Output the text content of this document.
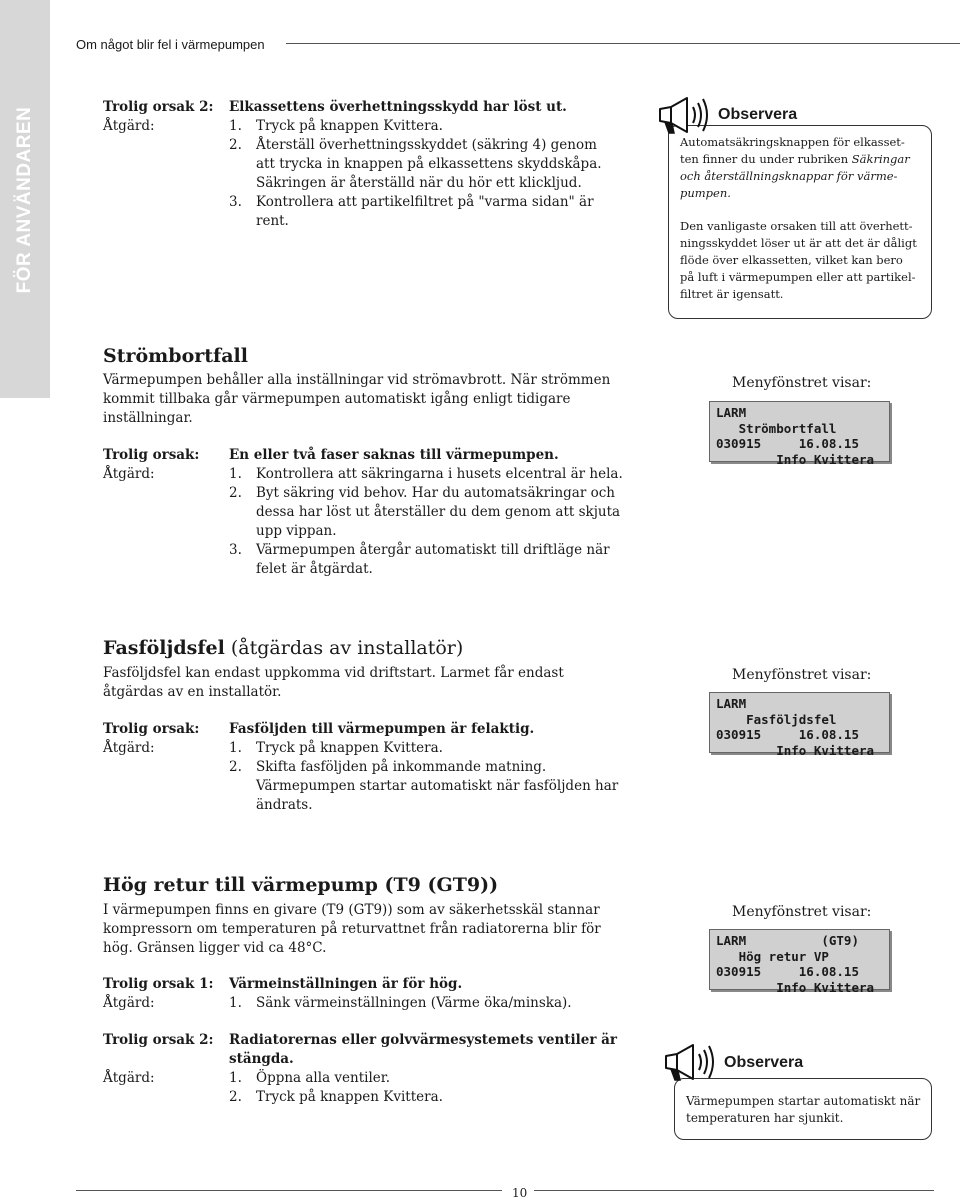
Om något blir fel i värmepumpen
FÖR ANVÄNDAREN	Trolig orsak 2: Elkassettens överhettningsskydd har löst ut.
Åtgärd:	1. Tryck på knappen Kvittera.
2. Återställ överhettningsskyddet (säkring 4) genom
att trycka in knappen på elkassettens skyddskåpa.
Säkringen är återställd när du hör ett klickljud.
3. Kontrollera att partikelfiltret på "varma sidan" är
rent.
Observera
Automatsäkringsknappen för elkasset-
ten finner du under rubriken Säkringar
och återställningsknappar för värme-
pumpen.
Den vanligaste orsaken till att överhett-
ningsskyddet löser ut är att det är dåligt
flöde över elkassetten, vilket kan bero
på luft i värmepumpen eller att partikel-
filtret är igensatt.
Strömbortfall
Värmepumpen behåller alla inställningar vid strömavbrott. När strömmen
kommit tillbaka går värmepumpen automatiskt igång enligt tidigare
inställningar.
Trolig orsak: En eller två faser saknas till värmepumpen.
Åtgärd:	1. Kontrollera att säkringarna i husets elcentral är hela.
2. Byt säkring vid behov. Har du automatsäkringar och
dessa har löst ut återställer du dem genom att skjuta
upp vippan.
3. Värmepumpen återgår automatiskt till driftläge när
felet är åtgärdat.
Menyfönstret visar:
LARM
Strömbortfall
030915     16.08.15
Info Kvittera
Fasföljdsfel (åtgärdas av installatör)
Fasföljdsfel kan endast uppkomma vid driftstart. Larmet får endast
åtgärdas av en installatör.
Trolig orsak: Fasföljden till värmepumpen är felaktig.
Åtgärd:	1. Tryck på knappen Kvittera.
2. Skifta fasföljden på inkommande matning.
Värmepumpen startar automatiskt när fasföljden har
ändrats.
Menyfönstret visar:
LARM
Fasföljdsfel
030915     16.08.15
Info Kvittera
Hög retur till värmepump (T9 (GT9))
I värmepumpen finns en givare (T9 (GT9)) som av säkerhetsskäl stannar
kompressorn om temperaturen på returvattnet från radiatorerna blir för
hög. Gränsen ligger vid ca 48°C.
Trolig orsak 1: Värmeinställningen är för hög.
Åtgärd:	1. Sänk värmeinställningen (Värme öka/minska).
Trolig orsak 2: Radiatorernas eller golvvärmesystemets ventiler är
stängda.
Åtgärd:	1. Öppna alla ventiler.
2. Tryck på knappen Kvittera.
Menyfönstret visar:
LARM          (GT9)
Hög retur VP
030915     16.08.15
Info Kvittera
Observera
Värmepumpen startar automatiskt när
temperaturen har sjunkit.
10
